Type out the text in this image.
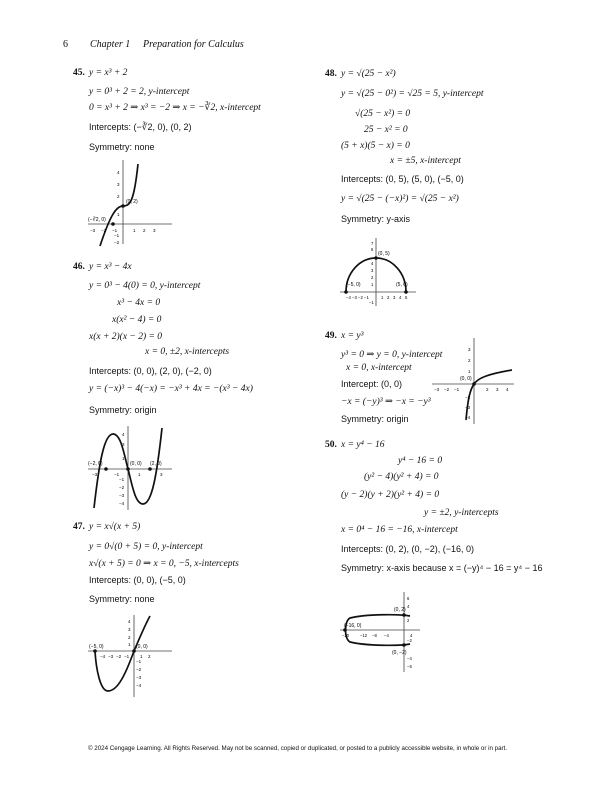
6 Chapter 1 Preparation for Calculus
45. y = x³ + 2
y = 0³ + 2 = 2, y-intercept
0 = x³ + 2 ⇒ x³ = −2 ⇒ x = −∛2, x-intercept
Intercepts: (−∛2, 0), (0, 2)
Symmetry: none
(0, 2)
(−∛2, 0)
−3 −2 −1	1 2 3
4
3
2
1
−1
−2
46. y = x³ − 4x
y = 0³ − 4(0) = 0, y-intercept
x³ − 4x = 0
x(x² − 4) = 0
x(x + 2)(x − 2) = 0
x = 0, ±2, x-intercepts
Intercepts: (0, 0), (2, 0), (−2, 0)
y = (−x)³ − 4(−x) = −x³ + 4x = −(x³ − 4x)
Symmetry: origin
(−2, 0)	(0, 0) (2, 0)
−3	−1	1	3
4
3
1
−1
−2
−3
−4
47. y = x√(x + 5)
y = 0√(0 + 5) = 0, y-intercept
x√(x + 5) = 0 ⇒ x = 0, −5, x-intercepts
Intercepts: (0, 0), (−5, 0)
Symmetry: none
(−5, 0)	(0, 0)
−4 −3 −2 −1 1 2
4
3
2
1
−1
−2
−3
−4
48. y = √(25 − x²)
y = √(25 − 0²) = √25 = 5, y-intercept
√(25 − x²) = 0
25 − x² = 0
(5 + x)(5 − x) = 0
x = ±5, x-intercept
Intercepts: (0, 5), (5, 0), (−5, 0)
y = √(25 − (−x)²) = √(25 − x²)
Symmetry: y-axis
(0, 5)
(−5, 0)	(5, 0)
−4 −3 −2 −1	1 2 3 4 5
7
6
4
3
2
1
−1
49. x = y³
y³ = 0 ⇒ y = 0, y-intercept
x = 0, x-intercept
Intercept: (0, 0)
−x = (−y)³ ⇒ −x = −y³
Symmetry: origin
(0, 0)
−3 −2 −1	2 3 4
3
2
1
−2
−3
−4
50. x = y⁴ − 16
y⁴ − 16 = 0
(y² − 4)(y² + 4) = 0
(y − 2)(y + 2)(y² + 4) = 0
y = ±2, y-intercepts
x = 0⁴ − 16 = −16, x-intercept
Intercepts: (0, 2), (0, −2), (−16, 0)
Symmetry: x-axis because x = (−y)⁴ − 16 = y⁴ − 16
(0, 2)
(−16, 0)
(0, −2)
−20	−12 −8 −4	4
6
4
2
−2
−4
−6
© 2024 Cengage Learning. All Rights Reserved. May not be scanned, copied or duplicated, or posted to a publicly accessible website, in whole or in part.
